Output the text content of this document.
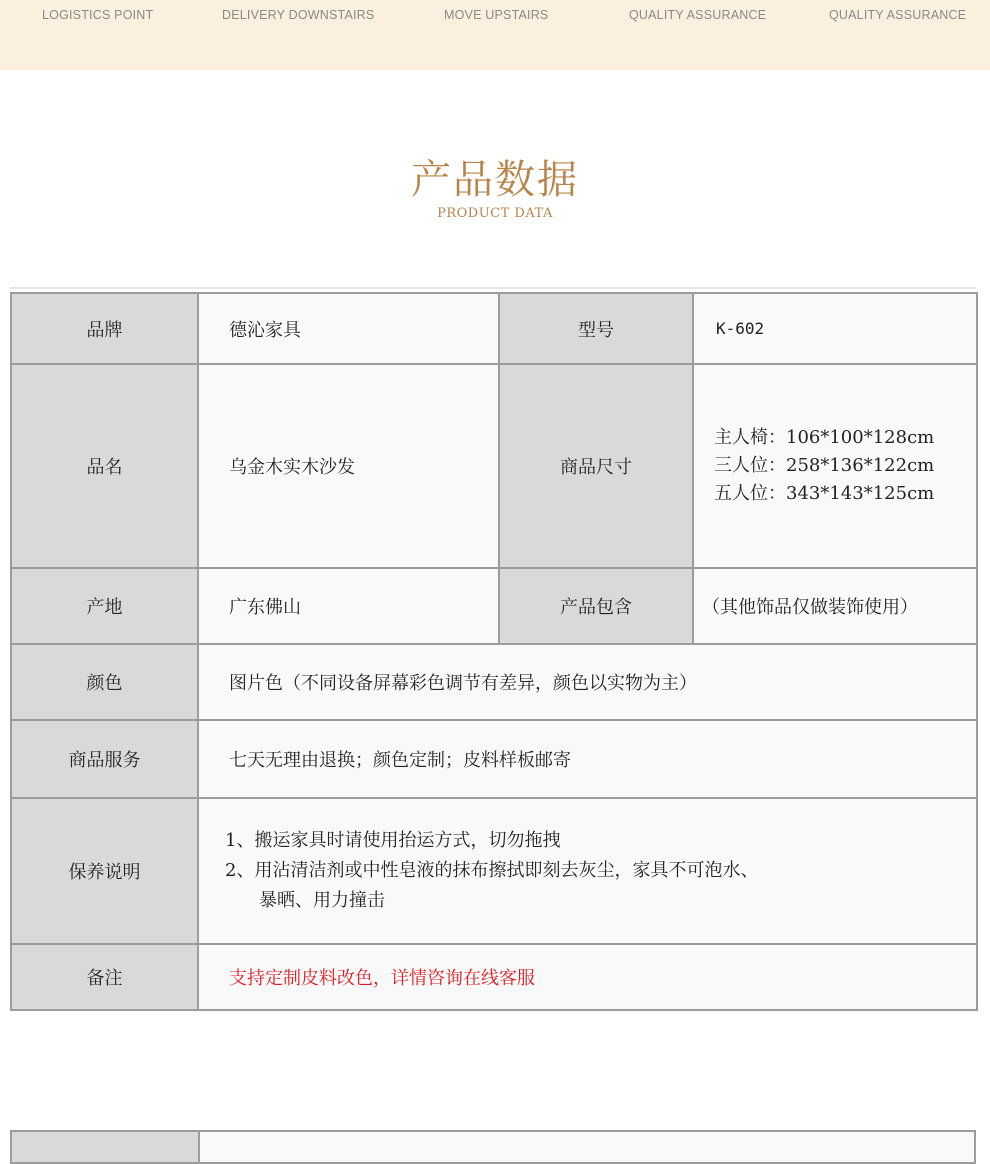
LOGISTICS POINT	DELIVERY DOWNSTAIRS	MOVE UPSTAIRS	QUALITY ASSURANCE	QUALITY ASSURANCE
产品数据
PRODUCT DATA
品牌	德沁家具	型号	K-602
品名	乌金木实木沙发	商品尺寸	主人椅：106*100*128cm
三人位：258*136*122cm
五人位：343*143*125cm

产地	广东佛山	产品包含	（其他饰品仅做装饰使用）
颜色	图片色（不同设备屏幕彩色调节有差异，颜色以实物为主）		
商品服务	七天无理由退换；颜色定制；皮料样板邮寄		
保养说明	1、搬运家具时请使用抬运方式，切勿拖拽
2、用沾清洁剂或中性皂液的抹布擦拭即刻去灰尘，家具不可泡水、
暴晒、用力撞击		

备注	支持定制皮料改色，详情咨询在线客服		
